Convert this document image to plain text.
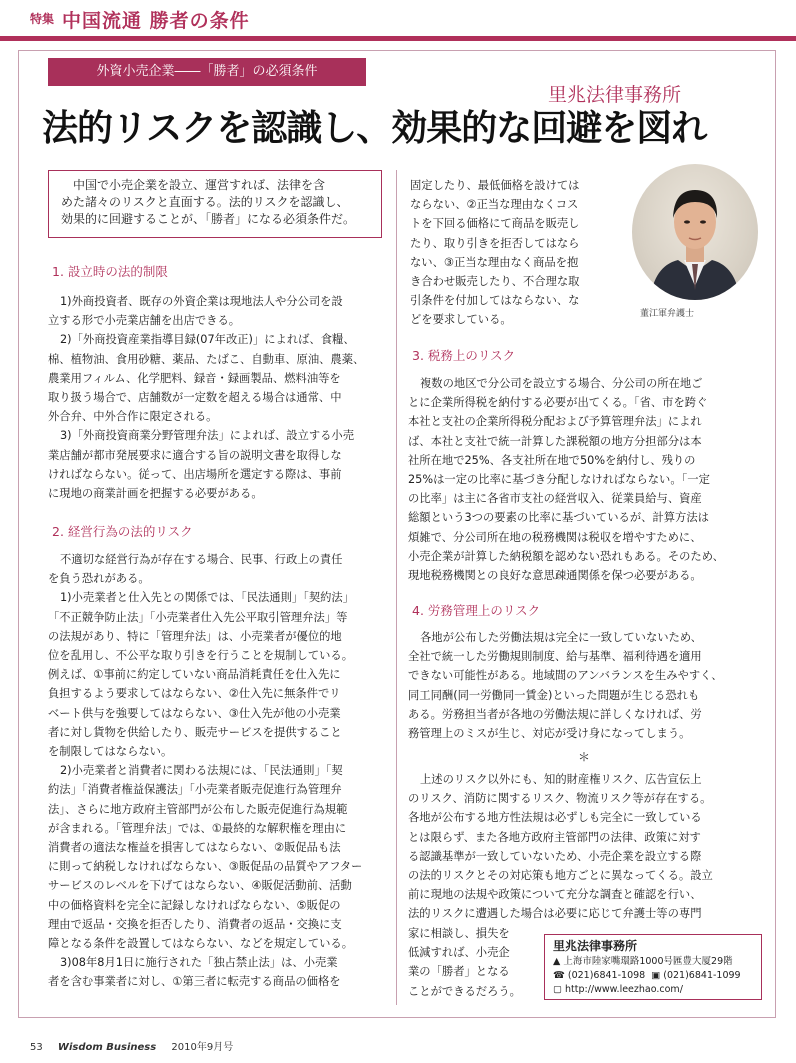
特集 中国流通 勝者の条件
外資小売企業――「勝者」の必須条件
里兆法律事務所
法的リスクを認識し、効果的な回避を図れ
中国で小売企業を設立、運営すれば、法律を含
めた諸々のリスクと直面する。法的リスクを認識し、
効果的に回避することが、「勝者」になる必須条件だ。
1. 設立時の法的制限
1)外商投資者、既存の外資企業は現地法人や分公司を設
立する形で小売業店舗を出店できる。
2)「外商投資産業指導目録(07年改正)」によれば、食糧、
棉、植物油、食用砂糖、薬品、たばこ、自動車、原油、農薬、
農業用フィルム、化学肥料、録音・録画製品、燃料油等を
取り扱う場合で、店舗数が一定数を超える場合は通常、中
外合弁、中外合作に限定される。
3)「外商投資商業分野管理弁法」によれば、設立する小売
業店舗が都市発展要求に適合する旨の説明文書を取得しな
ければならない。従って、出店場所を選定する際は、事前
に現地の商業計画を把握する必要がある。
2. 経営行為の法的リスク
不適切な経営行為が存在する場合、民事、行政上の責任
を負う恐れがある。
1)小売業者と仕入先との関係では、「民法通則」「契約法」
「不正競争防止法」「小売業者仕入先公平取引管理弁法」等
の法規があり、特に「管理弁法」は、小売業者が優位的地
位を乱用し、不公平な取り引きを行うことを規制している。
例えば、①事前に約定していない商品消耗責任を仕入先に
負担するよう要求してはならない、②仕入先に無条件でリ
ベート供与を強要してはならない、③仕入先が他の小売業
者に対し貨物を供給したり、販売サービスを提供すること
を制限してはならない。
2)小売業者と消費者に関わる法規には、「民法通則」「契
約法」「消費者権益保護法」「小売業者販売促進行為管理弁
法」、さらに地方政府主管部門が公布した販売促進行為規範
が含まれる。「管理弁法」では、①最終的な解釈権を理由に
消費者の適法な権益を損害してはならない、②販促品も法
に則って納税しなければならない、③販促品の品質やアフター
サービスのレベルを下げてはならない、④販促活動前、活動
中の価格資料を完全に記録しなければならない、⑤販促の
理由で返品・交換を拒否したり、消費者の返品・交換に支
障となる条件を設置してはならない、などを規定している。
3)08年8月1日に施行された「独占禁止法」は、小売業
者を含む事業者に対し、①第三者に転売する商品の価格を
固定したり、最低価格を設けては
ならない、②正当な理由なくコス
トを下回る価格にて商品を販売し
たり、取り引きを拒否してはなら
ない、③正当な理由なく商品を抱
き合わせ販売したり、不合理な取
引条件を付加してはならない、な
どを要求している。	董江軍弁護士
3. 税務上のリスク
複数の地区で分公司を設立する場合、分公司の所在地ご
とに企業所得税を納付する必要が出てくる。「省、市を跨ぐ
本社と支社の企業所得税分配および予算管理弁法」によれ
ば、本社と支社で統一計算した課税額の地方分担部分は本
社所在地で25%、各支社所在地で50%を納付し、残りの
25%は一定の比率に基づき分配しなければならない。「一定
の比率」は主に各省市支社の経営収入、従業員給与、資産
総額という3つの要素の比率に基づいているが、計算方法は
煩雑で、分公司所在地の税務機関は税収を増やすために、
小売企業が計算した納税額を認めない恐れもある。そのため、
現地税務機関との良好な意思疎通関係を保つ必要がある。
4. 労務管理上のリスク
各地が公布した労働法規は完全に一致していないため、
全社で統一した労働規則制度、給与基準、福利待遇を適用
できない可能性がある。地域間のアンバランスを生みやすく、
同工同酬(同一労働同一賃金)といった問題が生じる恐れも
ある。労務担当者が各地の労働法規に詳しくなければ、労
務管理上のミスが生じ、対応が受け身になってしまう。
＊
上述のリスク以外にも、知的財産権リスク、広告宣伝上
のリスク、消防に関するリスク、物流リスク等が存在する。
各地が公布する地方性法規は必ずしも完全に一致している
とは限らず、また各地方政府主管部門の法律、政策に対す
る認識基準が一致していないため、小売企業を設立する際
の法的リスクとその対応策も地方ごとに異なってくる。設立
前に現地の法規や政策について充分な調査と確認を行い、
法的リスクに遭遇した場合は必要に応じて弁護士等の専門
家に相談し、損失を
低減すれば、小売企
業の「勝者」となる
ことができるだろう。
里兆法律事務所
▲ 上海市陸家嘴環路1000号匯豊大厦29階
☎ (021)6841-1098 ▣ (021)6841-1099
▢ http://www.leezhao.com/
53 Wisdom Business 2010年9月号
